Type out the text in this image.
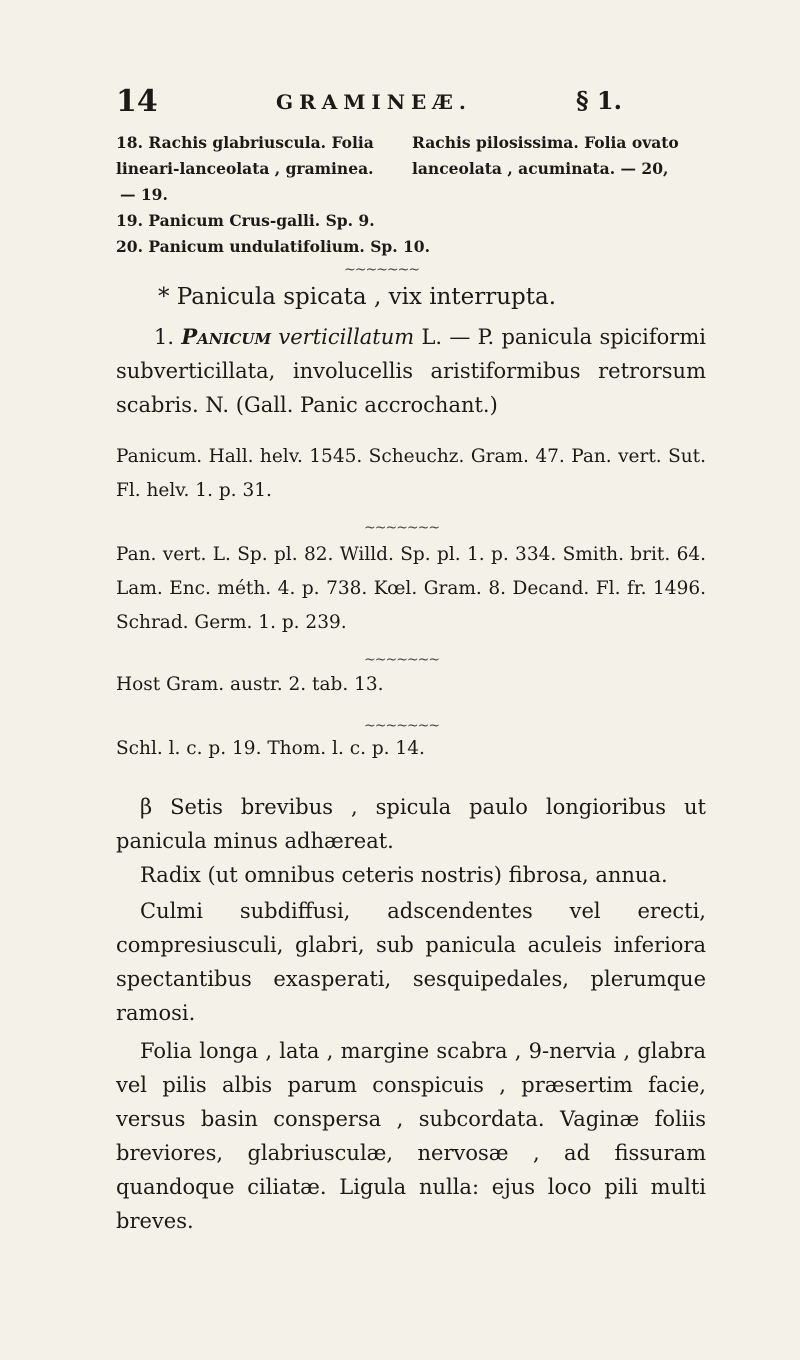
14	GRAMINEÆ.	§ 1.
18. Rachis glabriuscula. Folia Rachis pilosissima. Folia ovato
lineari-lanceolata , graminea. lanceolata , acuminata. — 20,
— 19.
19. Panicum Crus-galli. Sp. 9.
20. Panicum undulatifolium. Sp. 10.
~~~~~~~
* Panicula spicata , vix interrupta.
1. Panicum verticillatum L. — P. panicula spiciformi subverticillata, involucellis aristiformibus retrorsum scabris. N. (Gall. Panic accrochant.)
Panicum. Hall. helv. 1545. Scheuchz. Gram. 47. Pan. vert. Sut. Fl. helv. 1. p. 31.
~~~~~~~
Pan. vert. L. Sp. pl. 82. Willd. Sp. pl. 1. p. 334. Smith. brit. 64. Lam. Enc. méth. 4. p. 738. Kœl. Gram. 8. Decand. Fl. fr. 1496. Schrad. Germ. 1. p. 239.
~~~~~~~
Host Gram. austr. 2. tab. 13.
~~~~~~~
Schl. l. c. p. 19. Thom. l. c. p. 14.
β Setis brevibus , spicula paulo longioribus ut panicula minus adhæreat.
Radix (ut omnibus ceteris nostris) fibrosa, annua.
Culmi subdiffusi, adscendentes vel erecti, compresiusculi, glabri, sub panicula aculeis inferiora spectantibus exasperati, sesquipedales, plerumque ramosi.
Folia longa , lata , margine scabra , 9-nervia , glabra vel pilis albis parum conspicuis , præsertim facie, versus basin conspersa , subcordata. Vaginæ foliis breviores, glabriusculæ, nervosæ , ad fissuram quandoque ciliatæ. Ligula nulla: ejus loco pili multi breves.
